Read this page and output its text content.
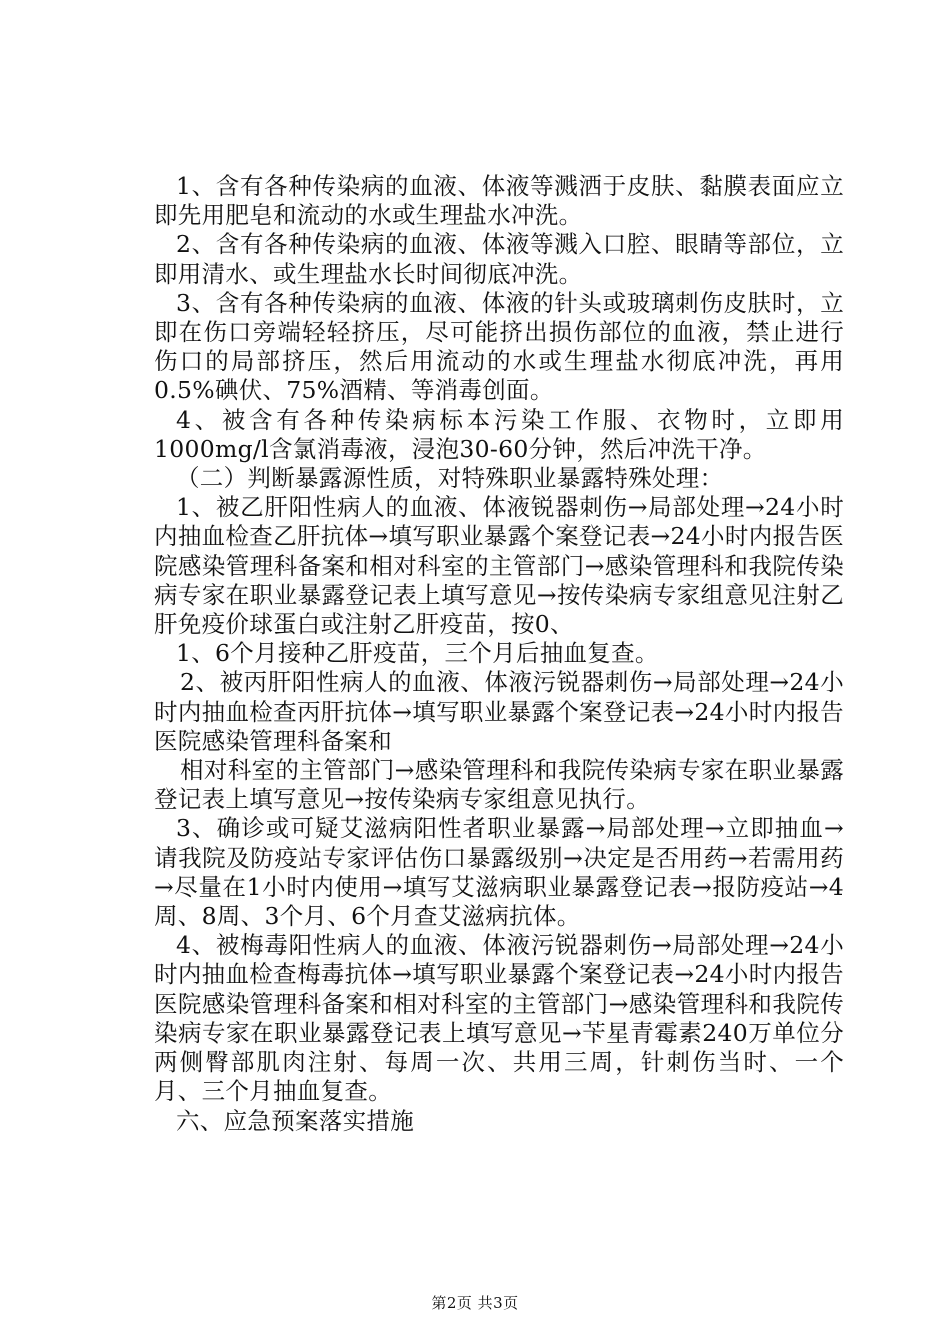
1、含有各种传染病的血液、体液等溅洒于皮肤、黏膜表面应立即先用肥皂和流动的水或生理盐水冲洗。

2、含有各种传染病的血液、体液等溅入口腔、眼睛等部位，立即用清水、或生理盐水长时间彻底冲洗。

3、含有各种传染病的血液、体液的针头或玻璃刺伤皮肤时，立即在伤口旁端轻轻挤压，尽可能挤出损伤部位的血液，禁止进行伤口的局部挤压，然后用流动的水或生理盐水彻底冲洗，再用0.5%碘伏、75%酒精、等消毒创面。

4、被含有各种传染病标本污染工作服、衣物时，立即用1000mg/l含氯消毒液，浸泡30-60分钟，然后冲洗干净。

（二）判断暴露源性质，对特殊职业暴露特殊处理：

1、被乙肝阳性病人的血液、体液锐器刺伤→局部处理→24小时内抽血检查乙肝抗体→填写职业暴露个案登记表→24小时内报告医院感染管理科备案和相对科室的主管部门→感染管理科和我院传染病专家在职业暴露登记表上填写意见→按传染病专家组意见注射乙肝免疫价球蛋白或注射乙肝疫苗，按0、

1、6个月接种乙肝疫苗，三个月后抽血复查。

2、被丙肝阳性病人的血液、体液污锐器刺伤→局部处理→24小时内抽血检查丙肝抗体→填写职业暴露个案登记表→24小时内报告医院感染管理科备案和

相对科室的主管部门→感染管理科和我院传染病专家在职业暴露登记表上填写意见→按传染病专家组意见执行。

3、确诊或可疑艾滋病阳性者职业暴露→局部处理→立即抽血→请我院及防疫站专家评估伤口暴露级别→决定是否用药→若需用药→尽量在1小时内使用→填写艾滋病职业暴露登记表→报防疫站→4周、8周、3个月、6个月查艾滋病抗体。

4、被梅毒阳性病人的血液、体液污锐器刺伤→局部处理→24小时内抽血检查梅毒抗体→填写职业暴露个案登记表→24小时内报告医院感染管理科备案和相对科室的主管部门→感染管理科和我院传染病专家在职业暴露登记表上填写意见→苄星青霉素240万单位分两侧臀部肌肉注射、每周一次、共用三周，针刺伤当时、一个月、三个月抽血复查。

六、应急预案落实措施

第2页 共3页
